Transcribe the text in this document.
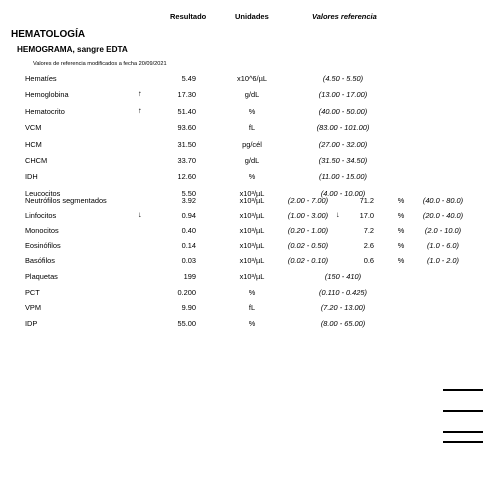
Resultado	Unidades	Valores referencia
HEMATOLOGÍA
HEMOGRAMA, sangre EDTA
Valores de referencia modificados a fecha 20/09/2021
Hematíes	5.49	x10^6/µL	(4.50 - 5.50)
Hemoglobina	↑	17.30	g/dL	(13.00 - 17.00)
Hematocrito	↑	51.40	%	(40.00 - 50.00)
VCM	93.60	fL	(83.00 - 101.00)
HCM	31.50	pg/cél	(27.00 - 32.00)
CHCM	33.70	g/dL	(31.50 - 34.50)
IDH	12.60	%	(11.00 - 15.00)
Leucocitos	5.50	x10³/µL	(4.00 - 10.00)
Neutrófilos segmentados	3.92	x10³/µL	(2.00 - 7.00)	71.2	%	(40.0 - 80.0)
Linfocitos	↓	0.94	x10³/µL	(1.00 - 3.00)	↓	17.0	%	(20.0 - 40.0)
Monocitos	0.40	x10³/µL	(0.20 - 1.00)	7.2	%	(2.0 - 10.0)
Eosinófilos	0.14	x10³/µL	(0.02 - 0.50)	2.6	%	(1.0 - 6.0)
Basófilos	0.03	x10³/µL	(0.02 - 0.10)	0.6	%	(1.0 - 2.0)
Plaquetas	199	x10³/µL	(150 - 410)
PCT	0.200	%	(0.110 - 0.425)
VPM	9.90	fL	(7.20 - 13.00)
IDP	55.00	%	(8.00 - 65.00)
